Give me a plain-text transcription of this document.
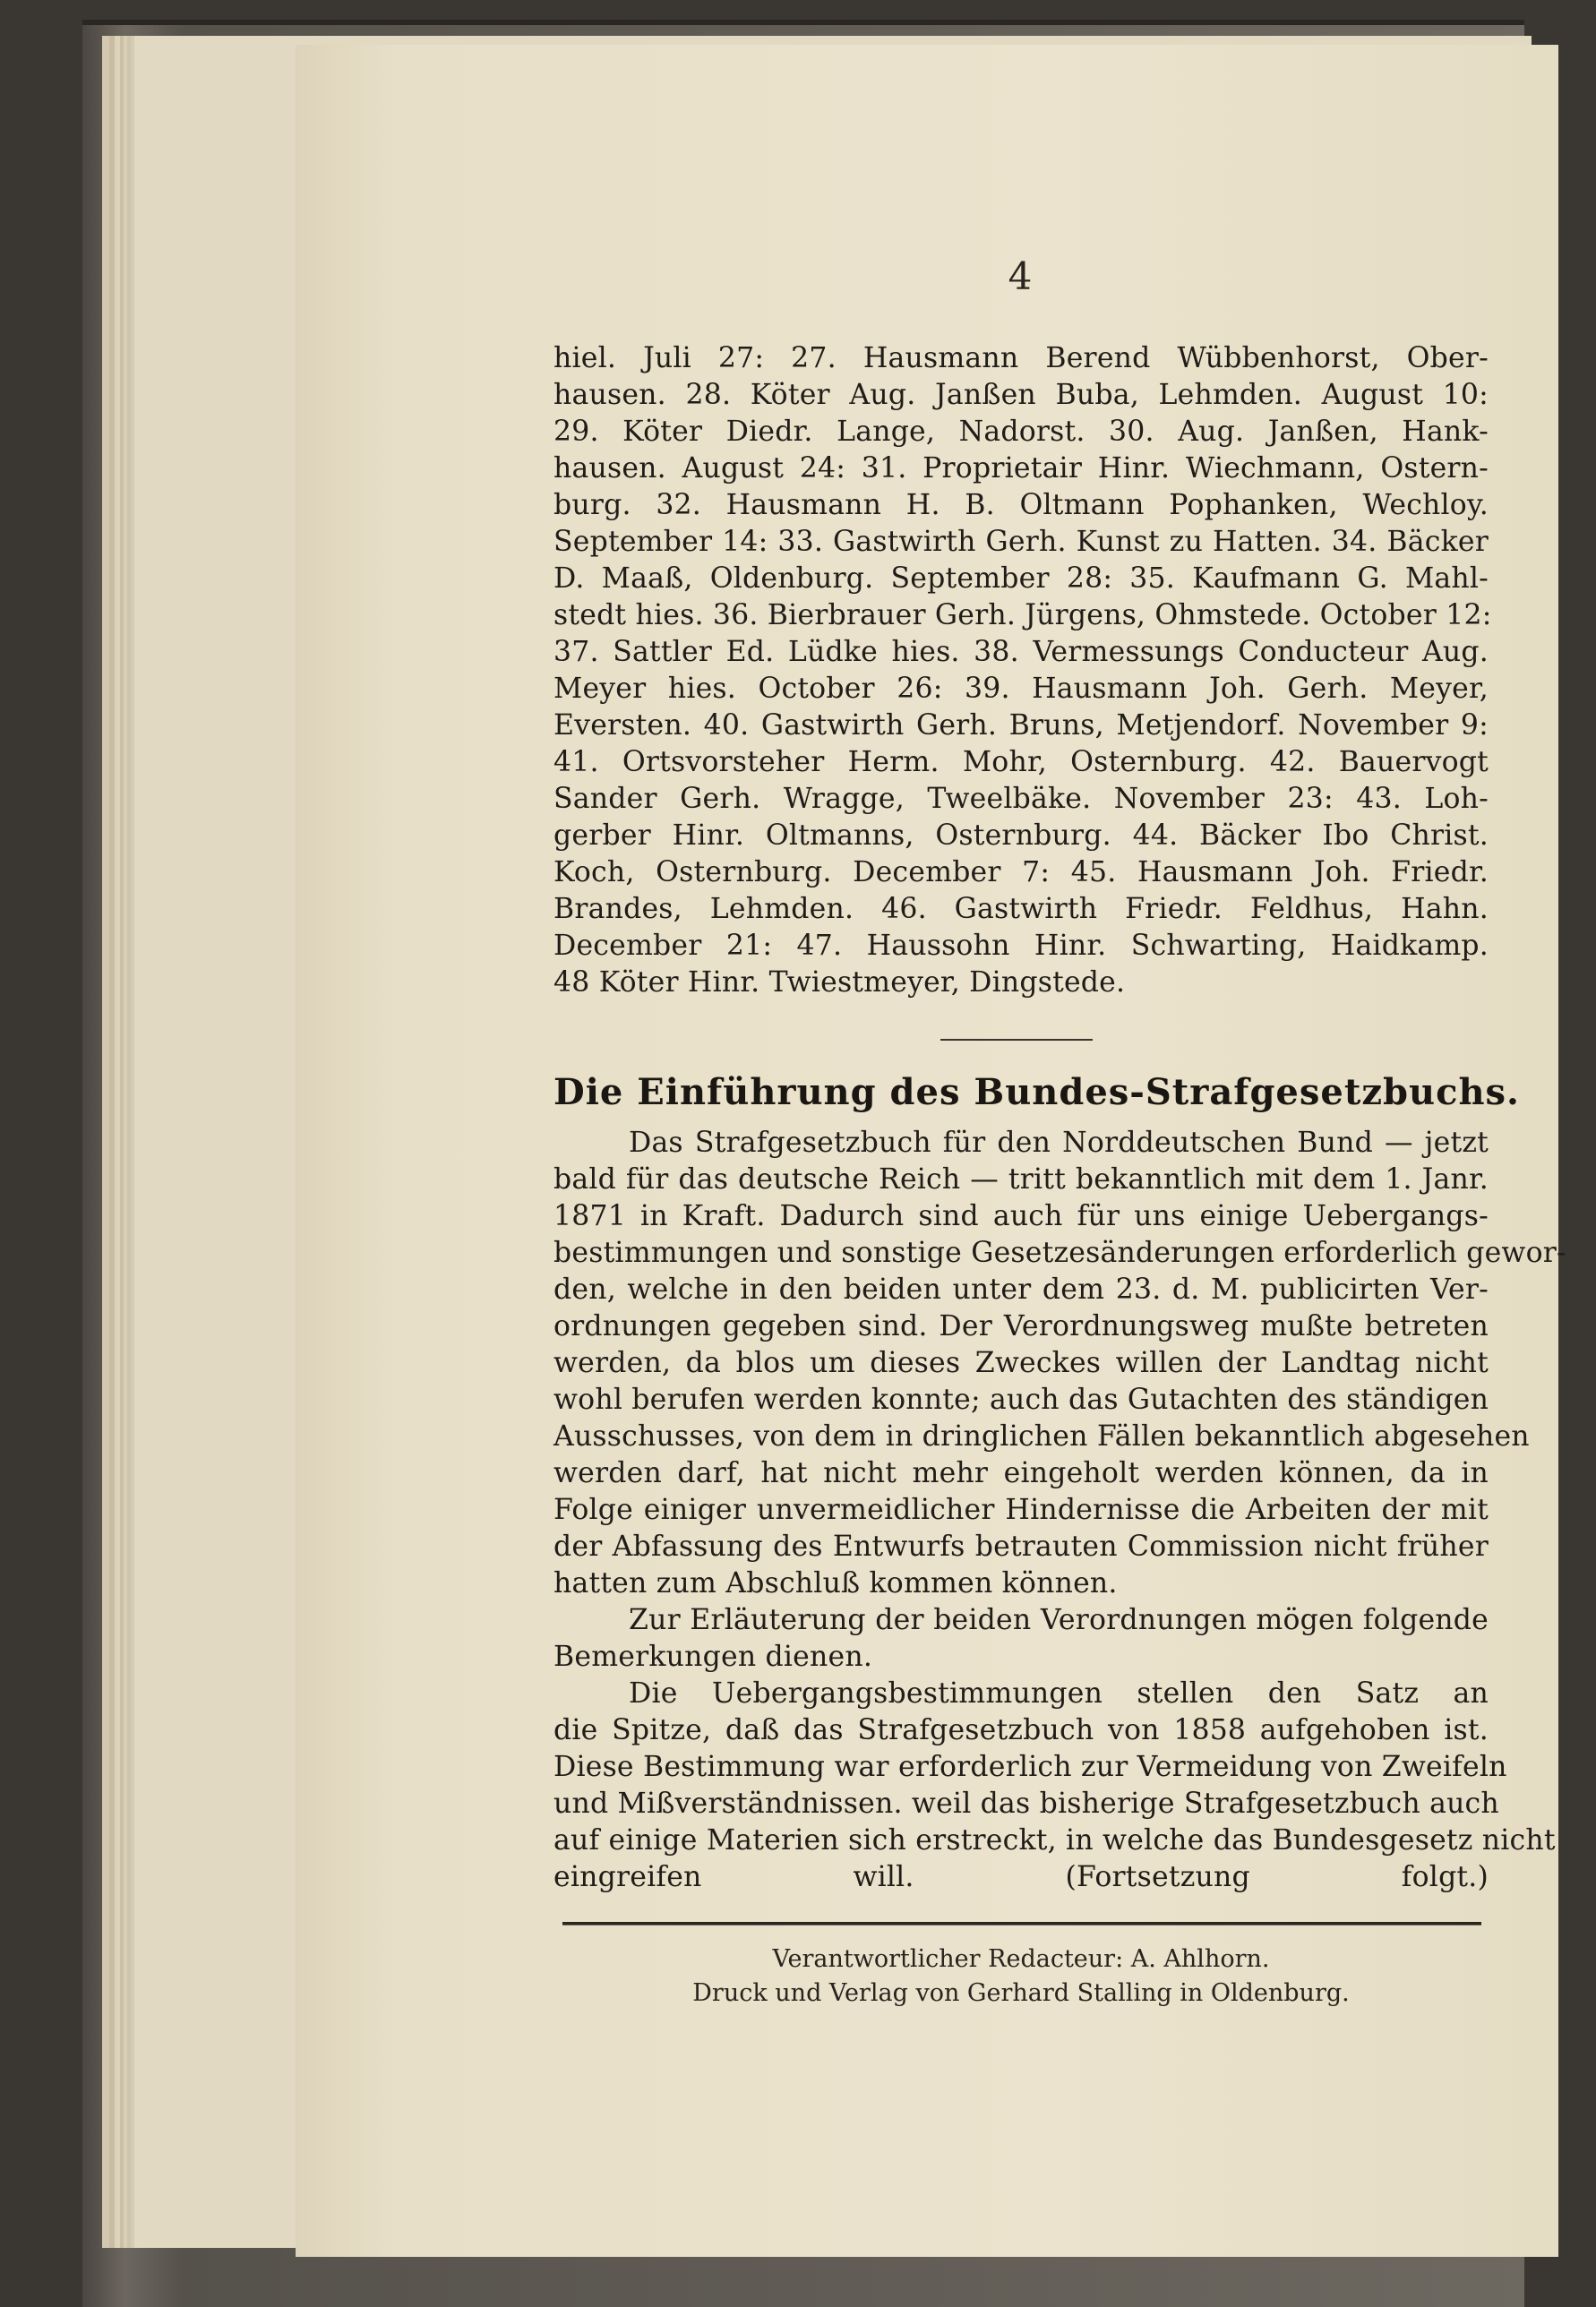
4
hiel. Juli 27: 27. Hausmann Berend Wübbenhorst, Ober-
hausen. 28. Köter Aug. Janßen Buba, Lehmden. August 10:
29. Köter Diedr. Lange, Nadorst. 30. Aug. Janßen, Hank-
hausen. August 24: 31. Proprietair Hinr. Wiechmann, Ostern-
burg. 32. Hausmann H. B. Oltmann Pophanken, Wechloy.
September 14: 33. Gastwirth Gerh. Kunst zu Hatten. 34. Bäcker
D. Maaß, Oldenburg. September 28: 35. Kaufmann G. Mahl-
stedt hies. 36. Bierbrauer Gerh. Jürgens, Ohmstede. October 12:
37. Sattler Ed. Lüdke hies. 38. Vermessungs Conducteur Aug.
Meyer hies. October 26: 39. Hausmann Joh. Gerh. Meyer,
Eversten. 40. Gastwirth Gerh. Bruns, Metjendorf. November 9:
41. Ortsvorsteher Herm. Mohr, Osternburg. 42. Bauervogt
Sander Gerh. Wragge, Tweelbäke. November 23: 43. Loh-
gerber Hinr. Oltmanns, Osternburg. 44. Bäcker Ibo Christ.
Koch, Osternburg. December 7: 45. Hausmann Joh. Friedr.
Brandes, Lehmden. 46. Gastwirth Friedr. Feldhus, Hahn.
December 21: 47. Haussohn Hinr. Schwarting, Haidkamp.
48 Köter Hinr. Twiestmeyer, Dingstede.
Die Einführung des Bundes-Strafgesetzbuchs.
Das Strafgesetzbuch für den Norddeutschen Bund — jetzt
bald für das deutsche Reich — tritt bekanntlich mit dem 1. Janr.
1871 in Kraft. Dadurch sind auch für uns einige Uebergangs-
bestimmungen und sonstige Gesetzesänderungen erforderlich gewor-
den, welche in den beiden unter dem 23. d. M. publicirten Ver-
ordnungen gegeben sind. Der Verordnungsweg mußte betreten
werden, da blos um dieses Zweckes willen der Landtag nicht
wohl berufen werden konnte; auch das Gutachten des ständigen
Ausschusses, von dem in dringlichen Fällen bekanntlich abgesehen
werden darf, hat nicht mehr eingeholt werden können, da in
Folge einiger unvermeidlicher Hindernisse die Arbeiten der mit
der Abfassung des Entwurfs betrauten Commission nicht früher
hatten zum Abschluß kommen können.
Zur Erläuterung der beiden Verordnungen mögen folgende
Bemerkungen dienen.
Die Uebergangsbestimmungen stellen den Satz an
die Spitze, daß das Strafgesetzbuch von 1858 aufgehoben ist.
Diese Bestimmung war erforderlich zur Vermeidung von Zweifeln
und Mißverständnissen. weil das bisherige Strafgesetzbuch auch
auf einige Materien sich erstreckt, in welche das Bundesgesetz nicht
eingreifen will. (Fortsetzung folgt.)
Verantwortlicher Redacteur: A. Ahlhorn.
Druck und Verlag von Gerhard Stalling in Oldenburg.
